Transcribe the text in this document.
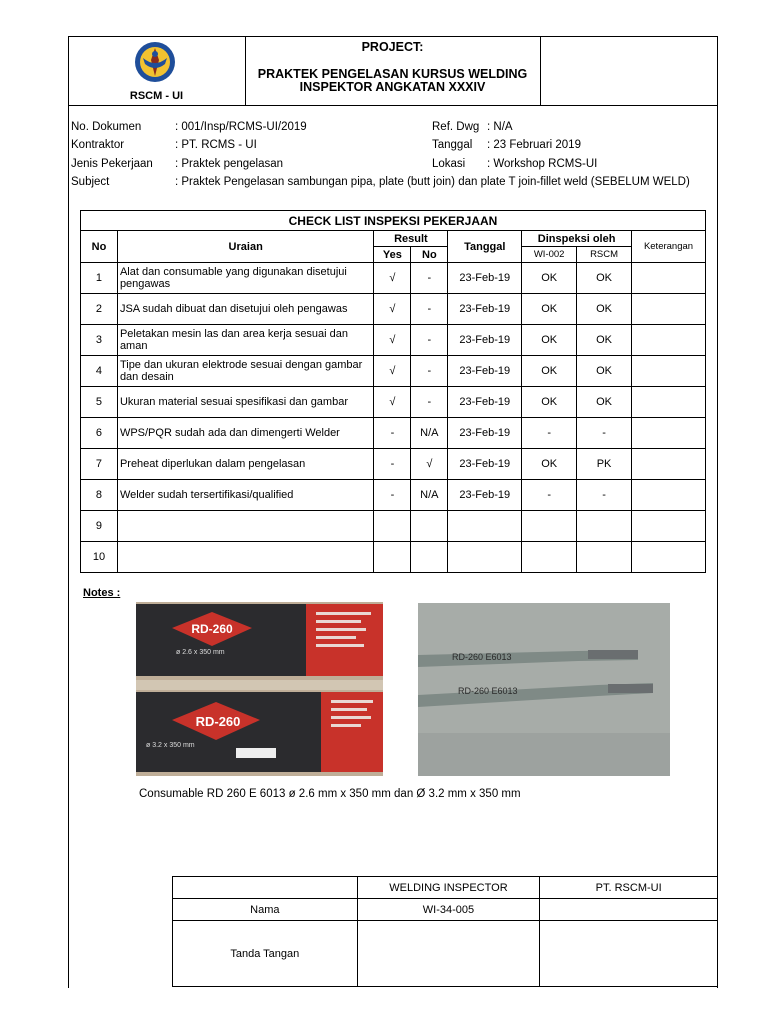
RSCM - UI
PROJECT:
PRAKTEK PENGELASAN KURSUS WELDING
INSPEKTOR ANGKATAN XXXIV
No. Dokumen	: 001/Insp/RCMS-UI/2019	Ref. Dwg : N/A
Kontraktor	: PT. RCMS - UI	Tanggal : 23 Februari 2019
Jenis Pekerjaan : Praktek pengelasan	Lokasi : Workshop RCMS-UI
Subject	: Praktek Pengelasan sambungan pipa, plate (butt join) dan plate T join-fillet weld (SEBELUM WELD)
CHECK LIST INSPEKSI PEKERJAAN							
No	Uraian	Result		Tanggal	Dinspeksi oleh		Keterangan
		Yes	No		WI-002	RSCM	
1	Alat dan consumable yang digunakan disetujui pengawas	√	-	23-Feb-19	OK	OK	
2	JSA sudah dibuat dan disetujui oleh pengawas	√	-	23-Feb-19	OK	OK	
3	Peletakan mesin las dan area kerja sesuai dan aman	√	-	23-Feb-19	OK	OK	
4	Tipe dan ukuran elektrode sesuai dengan gambar dan desain	√	-	23-Feb-19	OK	OK	
5	Ukuran material sesuai spesifikasi dan gambar	√	-	23-Feb-19	OK	OK	
6	WPS/PQR sudah ada dan dimengerti Welder	-	N/A	23-Feb-19	-	-	
7	Preheat diperlukan dalam pengelasan	-	√	23-Feb-19	OK	PK	
8	Welder sudah tersertifikasi/qualified	-	N/A	23-Feb-19	-	-	
9							
10							
Notes :
RD-260
RD-260
ø 2.6 x 350 mm
ø 3.2 x 350 mm
RD-260 E6013
RD-260 E6013
Consumable RD 260 E 6013 ø 2.6 mm x 350 mm dan Ø 3.2 mm x 350 mm
	WELDING INSPECTOR	PT. RSCM-UI
Nama	WI-34-005	
Tanda Tangan		
